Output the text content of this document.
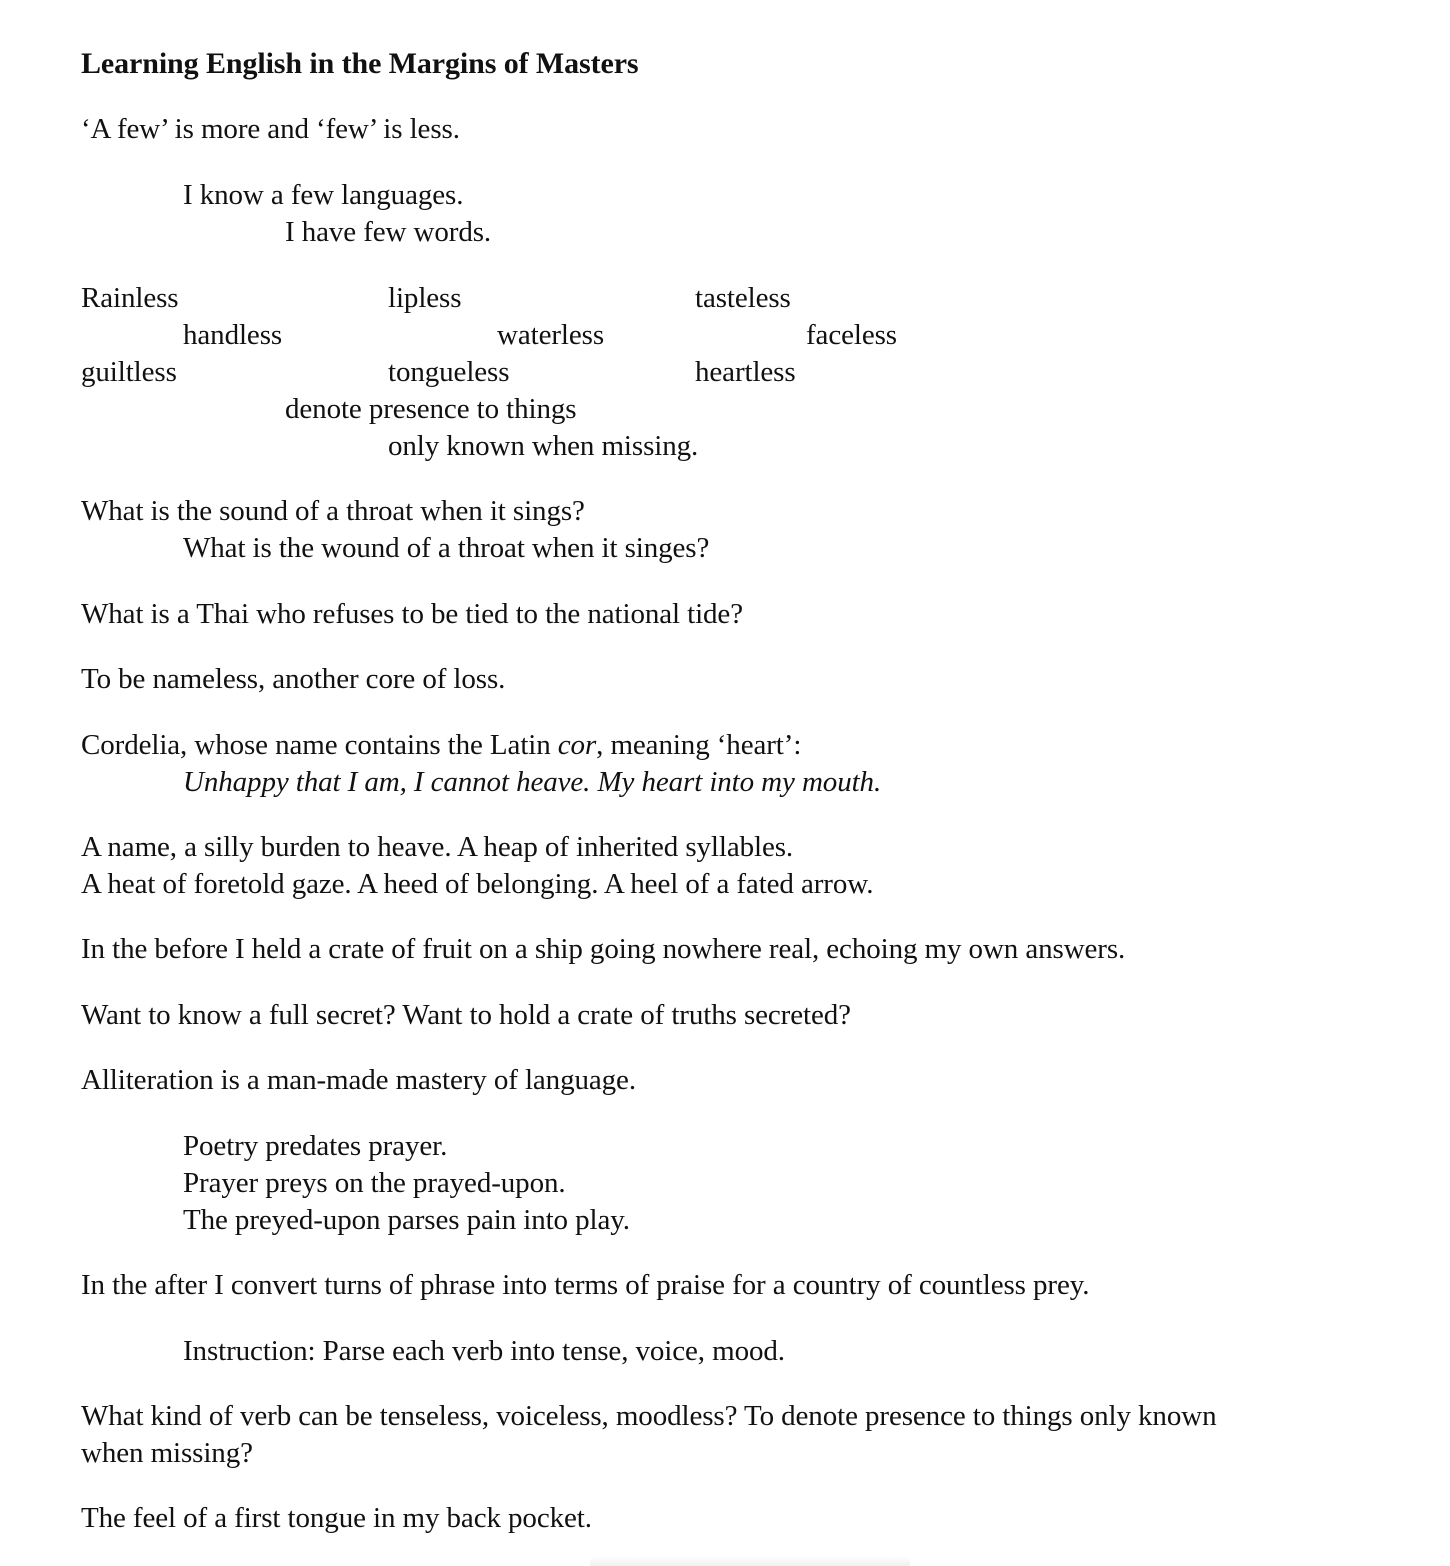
Learning English in the Margins of Masters
‘A few’ is more and ‘few’ is less.
I know a few languages.
I have few words.
Rainless	lipless	tasteless
handless	waterless	faceless
guiltless	tongueless	heartless
denote presence to things
only known when missing.
What is the sound of a throat when it sings?
What is the wound of a throat when it singes?
What is a Thai who refuses to be tied to the national tide?
To be nameless, another core of loss.
Cordelia, whose name contains the Latin cor, meaning ‘heart’:
Unhappy that I am, I cannot heave. My heart into my mouth.
A name, a silly burden to heave. A heap of inherited syllables.
A heat of foretold gaze. A heed of belonging. A heel of a fated arrow.
In the before I held a crate of fruit on a ship going nowhere real, echoing my own answers.
Want to know a full secret? Want to hold a crate of truths secreted?
Alliteration is a man-made mastery of language.
Poetry predates prayer.
Prayer preys on the prayed-upon.
The preyed-upon parses pain into play.
In the after I convert turns of phrase into terms of praise for a country of countless prey.
Instruction: Parse each verb into tense, voice, mood.
What kind of verb can be tenseless, voiceless, moodless? To denote presence to things only known
when missing?
The feel of a first tongue in my back pocket.
